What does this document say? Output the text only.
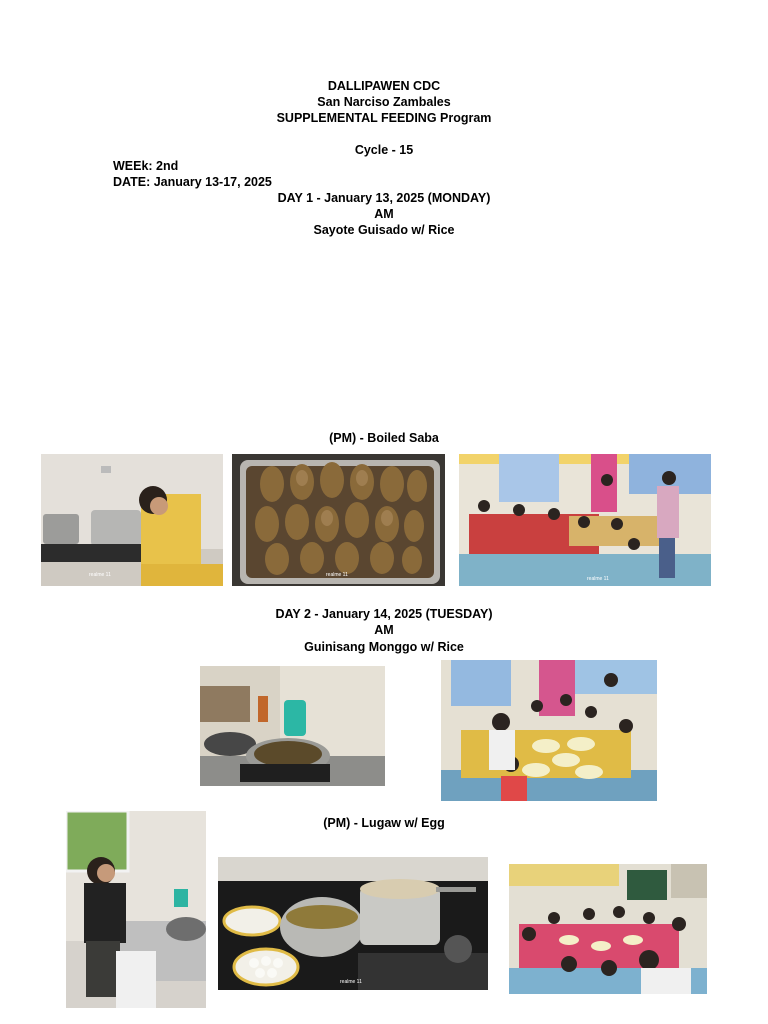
DALLIPAWEN CDC
San Narciso Zambales
SUPPLEMENTAL FEEDING Program
Cycle - 15
WEEk: 2nd
DATE: January 13-17, 2025
DAY 1 - January 13, 2025 (MONDAY)
AM
Sayote Guisado w/ Rice
(PM) - Boiled Saba
realme 11	realme 11
realme 11
DAY 2 - January 14, 2025 (TUESDAY)
AM
Guinisang Monggo w/ Rice
(PM) - Lugaw w/ Egg
realme 11
